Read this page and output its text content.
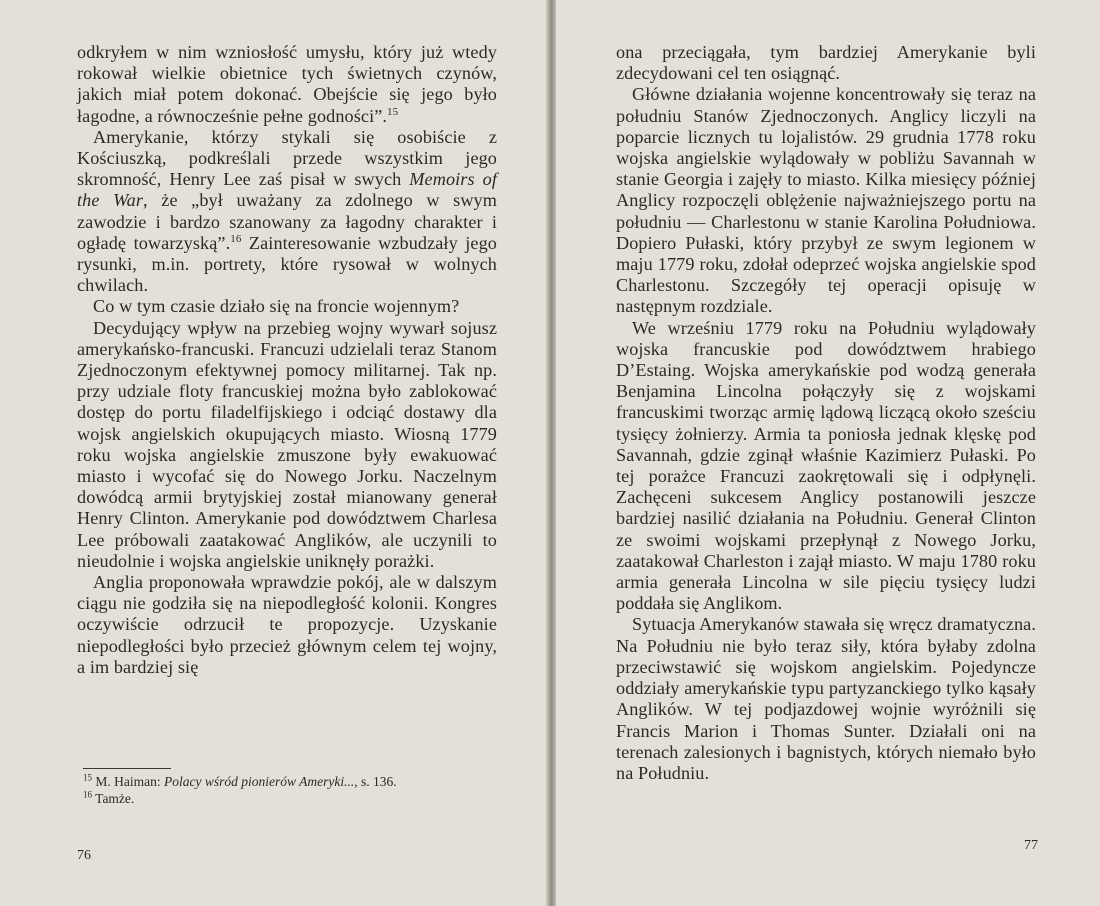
odkryłem w nim wzniosłość umysłu, który już wtedy rokował wielkie obietnice tych świetnych czynów, jakich miał potem dokonać. Obejście się jego było łagodne, a równocześnie pełne godności”.$^{15}$

Amerykanie, którzy stykali się osobiście z Kościuszką, podkreślali przede wszystkim jego skromność, Henry Lee zaś pisał w swych Memoirs of the War, że „był uważany za zdolnego w swym zawodzie i bardzo szanowany za łagodny charakter i ogładę towarzyską”.$^{16}$ Zainteresowanie wzbudzały jego rysunki, m.in. portrety, które rysował w wolnych chwilach.

Co w tym czasie działo się na froncie wojennym?

Decydujący wpływ na przebieg wojny wywarł sojusz amerykańsko-francuski. Francuzi udzielali teraz Stanom Zjednoczonym efektywnej pomocy militarnej. Tak np. przy udziale floty francuskiej można było zablokować dostęp do portu filadelfijskiego i odciąć dostawy dla wojsk angielskich okupujących miasto. Wiosną 1779 roku wojska angielskie zmuszone były ewakuować miasto i wycofać się do Nowego Jorku. Naczelnym dowódcą armii brytyjskiej został mianowany generał Henry Clinton. Amerykanie pod dowództwem Charlesa Lee próbowali zaatakować Anglików, ale uczynili to nieudolnie i wojska angielskie uniknęły porażki.

Anglia proponowała wprawdzie pokój, ale w dalszym ciągu nie godziła się na niepodległość kolonii. Kongres oczywiście odrzucił te propozycje. Uzyskanie niepodległości było przecież głównym celem tej wojny, a im bardziej się

$^{15}$ M. Haiman: Polacy wśród pionierów Ameryki..., s. 136.

$^{16}$ Tamże.

76

ona przeciągała, tym bardziej Amerykanie byli zdecydowani cel ten osiągnąć.

Główne działania wojenne koncentrowały się teraz na południu Stanów Zjednoczonych. Anglicy liczyli na poparcie licznych tu lojalistów. 29 grudnia 1778 roku wojska angielskie wylądowały w pobliżu Savannah w stanie Georgia i zajęły to miasto. Kilka miesięcy później Anglicy rozpoczęli oblężenie najważniejszego portu na południu — Charlestonu w stanie Karolina Południowa. Dopiero Pułaski, który przybył ze swym legionem w maju 1779 roku, zdołał odeprzeć wojska angielskie spod Charlestonu. Szczegóły tej operacji opisuję w następnym rozdziale.

We wrześniu 1779 roku na Południu wylądowały wojska francuskie pod dowództwem hrabiego D’Estaing. Wojska amerykańskie pod wodzą generała Benjamina Lincolna połączyły się z wojskami francuskimi tworząc armię lądową liczącą około sześciu tysięcy żołnierzy. Armia ta poniosła jednak klęskę pod Savannah, gdzie zginął właśnie Kazimierz Pułaski. Po tej porażce Francuzi zaokrętowali się i odpłynęli. Zachęceni sukcesem Anglicy postanowili jeszcze bardziej nasilić działania na Południu. Generał Clinton ze swoimi wojskami przepłynął z Nowego Jorku, zaatakował Charleston i zajął miasto. W maju 1780 roku armia generała Lincolna w sile pięciu tysięcy ludzi poddała się Anglikom.

Sytuacja Amerykanów stawała się wręcz dramatyczna. Na Południu nie było teraz siły, która byłaby zdolna przeciwstawić się wojskom angielskim. Pojedyncze oddziały amerykańskie typu partyzanckiego tylko kąsały Anglików. W tej podjazdowej wojnie wyróżnili się Francis Marion i Thomas Sunter. Działali oni na terenach zalesionych i bagnistych, których niemało było na Południu.

77
